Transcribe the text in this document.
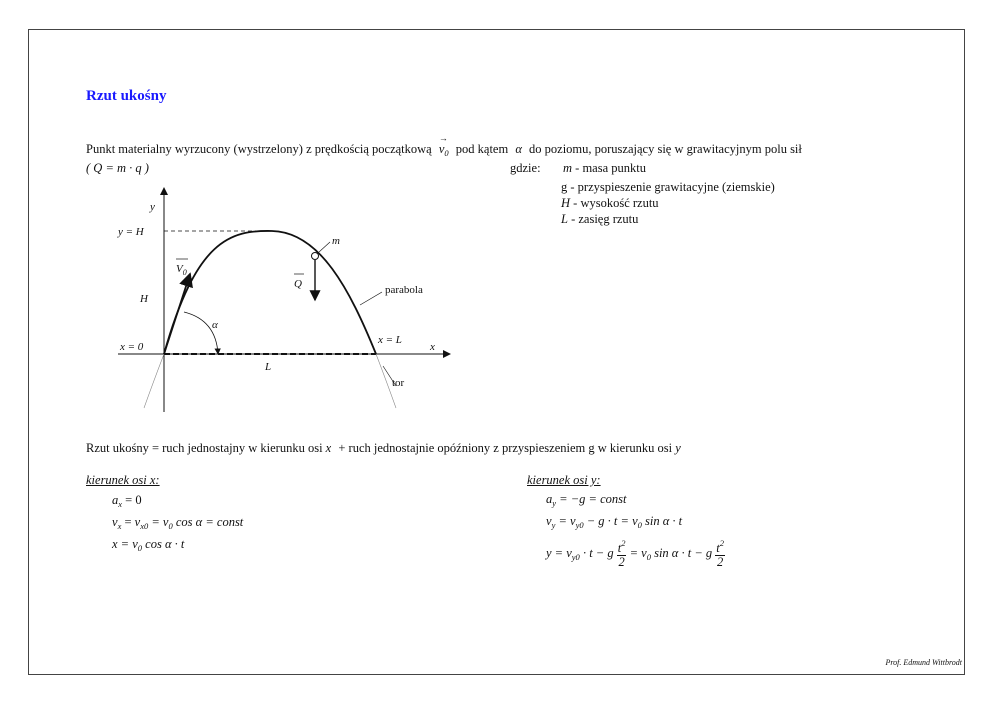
Rzut ukośny
Punkt materialny wyrzucony (wystrzelony) z prędkością początkową
→
$v_0$ pod kątem α do poziomu, poruszający się w grawitacyjnym polu sił
( Q = m · q )	gdzie: m - masa punktu
g - przyspieszenie grawitacyjne (ziemskie)
H - wysokość rzutu
L - zasięg rzutu
y
x
y = H
x = 0
x = L
H
L
$V_0$
α
m
Q	parabola
tor
Rzut ukośny = ruch jednostajny w kierunku osi x + ruch jednostajnie opóźniony z przyspieszeniem g w kierunku osi y
kierunek osi x:
$a_x = 0$
$v_x = v_{x0} = v_0$ cos α = const
$x = v_0$ cos α · t
kierunek osi y:
$a_y = -g$ = const
$v_y = v_{y0} - g \cdot t = v_0$ sin α · t
$y = v_{y0} \cdot t - g \frac{t^2}{2} = v_0$ sin α · t − g $\frac{t^2}{2}$
Prof. Edmund Wittbrodt
